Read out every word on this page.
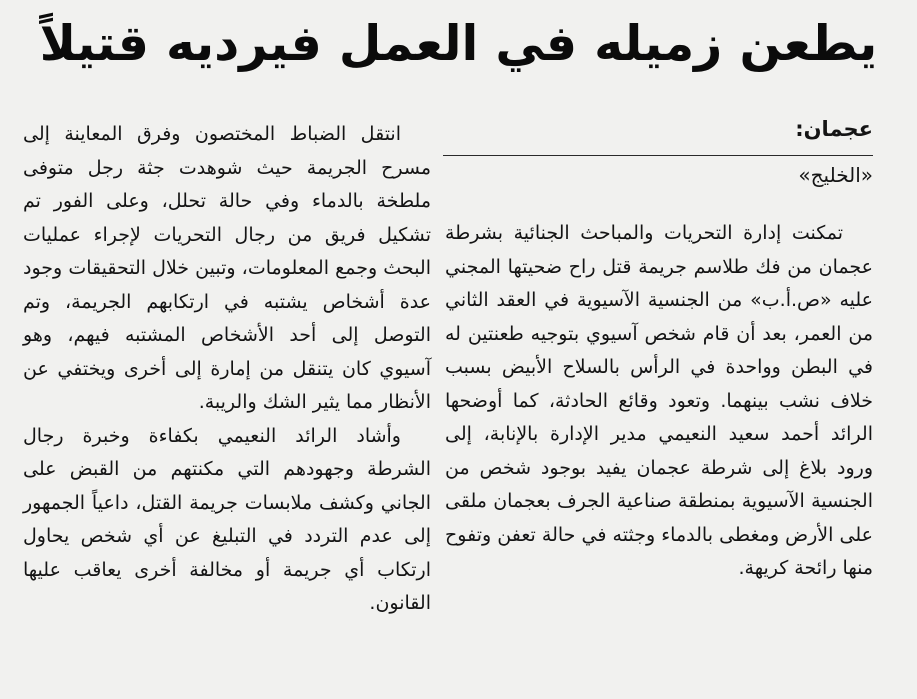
يطعن زميله في العمل فيرديه قتيلاً
عجمان:
«الخليج»

تمكنت إدارة التحريات والمباحث الجنائية بشرطة عجمان من فك طلاسم جريمة قتل راح ضحيتها المجني عليه «ص.أ.ب» من الجنسية الآسيوية في العقد الثاني من العمر، بعد أن قام شخص آسيوي بتوجيه طعنتين له في البطن وواحدة في الرأس بالسلاح الأبيض بسبب خلاف نشب بينهما. وتعود وقائع الحادثة، كما أوضحها الرائد أحمد سعيد النعيمي مدير الإدارة بالإنابة، إلى ورود بلاغ إلى شرطة عجمان يفيد بوجود شخص من الجنسية الآسيوية بمنطقة صناعية الجرف بعجمان ملقى على الأرض ومغطى بالدماء وجثته في حالة تعفن وتفوح منها رائحة كريهة.

انتقل الضباط المختصون وفرق المعاينة إلى مسرح الجريمة حيث شوهدت جثة رجل متوفى ملطخة بالدماء وفي حالة تحلل، وعلى الفور تم تشكيل فريق من رجال التحريات لإجراء عمليات البحث وجمع المعلومات، وتبين خلال التحقيقات وجود عدة أشخاص يشتبه في ارتكابهم الجريمة، وتم التوصل إلى أحد الأشخاص المشتبه فيهم، وهو آسيوي كان يتنقل من إمارة إلى أخرى ويختفي عن الأنظار مما يثير الشك والريبة.

وأشاد الرائد النعيمي بكفاءة وخبرة رجال الشرطة وجهودهم التي مكنتهم من القبض على الجاني وكشف ملابسات جريمة القتل، داعياً الجمهور إلى عدم التردد في التبليغ عن أي شخص يحاول ارتكاب أي جريمة أو مخالفة أخرى يعاقب عليها القانون.
